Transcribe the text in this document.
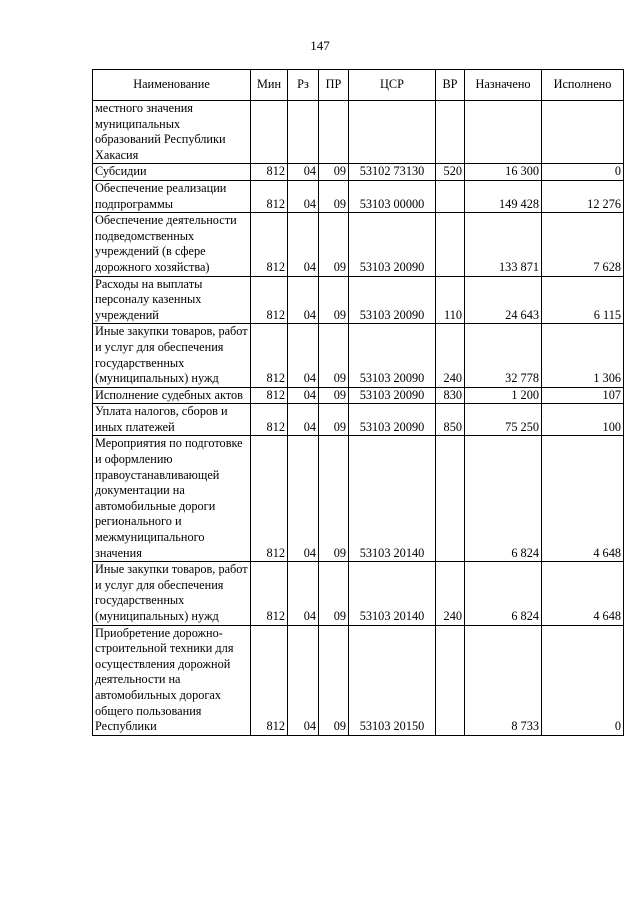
147
Наименование	Мин	Рз	ПР	ЦСР	ВР	Назначено	Исполнено
местного значения муниципальных образований Республики Хакасия							
Субсидии	812	04	09	53102 73130	520	16 300	0
Обеспечение реализации подпрограммы	812	04	09	53103 00000		149 428	12 276
Обеспечение деятельности подведомственных учреждений (в сфере дорожного хозяйства)	812	04	09	53103 20090		133 871	7 628
Расходы на выплаты персоналу казенных учреждений	812	04	09	53103 20090	110	24 643	6 115
Иные закупки товаров, работ и услуг для обеспечения государственных (муниципальных) нужд	812	04	09	53103 20090	240	32 778	1 306
Исполнение судебных актов	812	04	09	53103 20090	830	1 200	107
Уплата налогов, сборов и иных платежей	812	04	09	53103 20090	850	75 250	100
Мероприятия по подготовке и оформлению правоустанавливающей документации на автомобильные дороги регионального и межмуниципального значения	812	04	09	53103 20140		6 824	4 648
Иные закупки товаров, работ и услуг для обеспечения государственных (муниципальных) нужд	812	04	09	53103 20140	240	6 824	4 648
Приобретение дорожно-строительной техники для осуществления дорожной деятельности на автомобильных дорогах общего пользования Республики	812	04	09	53103 20150		8 733	0
